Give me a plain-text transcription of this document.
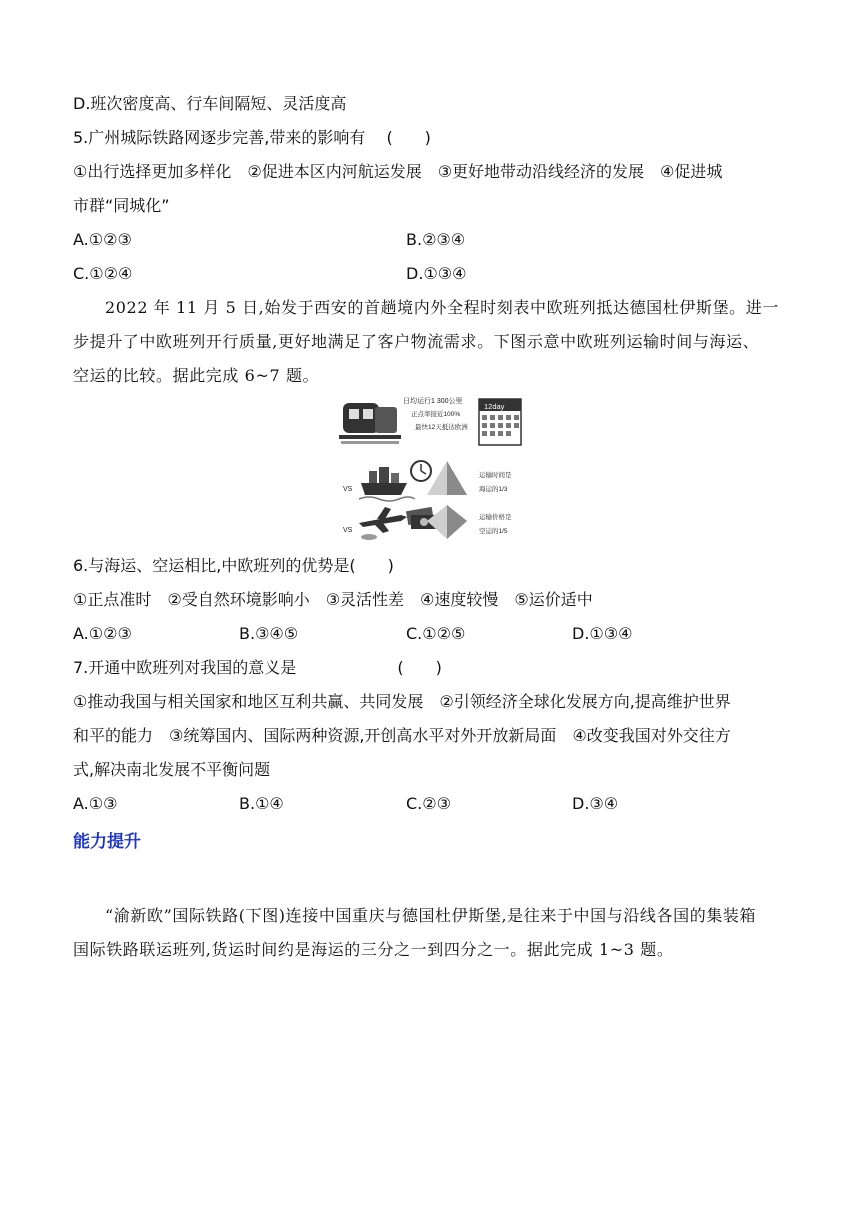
D.班次密度高、行车间隔短、灵活度高
5.广州城际铁路网逐步完善,带来的影响有　 (　　)
①出行选择更加多样化　②促进本区内河航运发展　③更好地带动沿线经济的发展　④促进城
市群“同城化”
A.①②③	B.②③④
C.①②④	D.①③④
2022 年 11 月 5 日,始发于西安的首趟境内外全程时刻表中欧班列抵达德国杜伊斯堡。进一
步提升了中欧班列开行质量,更好地满足了客户物流需求。下图示意中欧班列运输时间与海运、
空运的比较。据此完成 6~7 题。
日均运行1 300公里
正点率接近100%
最快12天抵达欧洲
12day
VS
运输时间是
海运的1/3
VS
运输价格是
空运的1/5
6.与海运、空运相比,中欧班列的优势是(　　)
①正点准时　②受自然环境影响小　③灵活性差　④速度较慢　⑤运价适中
A.①②③	B.③④⑤	C.①②⑤	D.①③④
7.开通中欧班列对我国的意义是　　　　　　 (　　)
①推动我国与相关国家和地区互利共赢、共同发展　②引领经济全球化发展方向,提高维护世界
和平的能力　③统筹国内、国际两种资源,开创高水平对外开放新局面　④改变我国对外交往方
式,解决南北发展不平衡问题
A.①③	B.①④	C.②③	D.③④
能力提升
“渝新欧”国际铁路(下图)连接中国重庆与德国杜伊斯堡,是往来于中国与沿线各国的集装箱
国际铁路联运班列,货运时间约是海运的三分之一到四分之一。据此完成 1~3 题。
